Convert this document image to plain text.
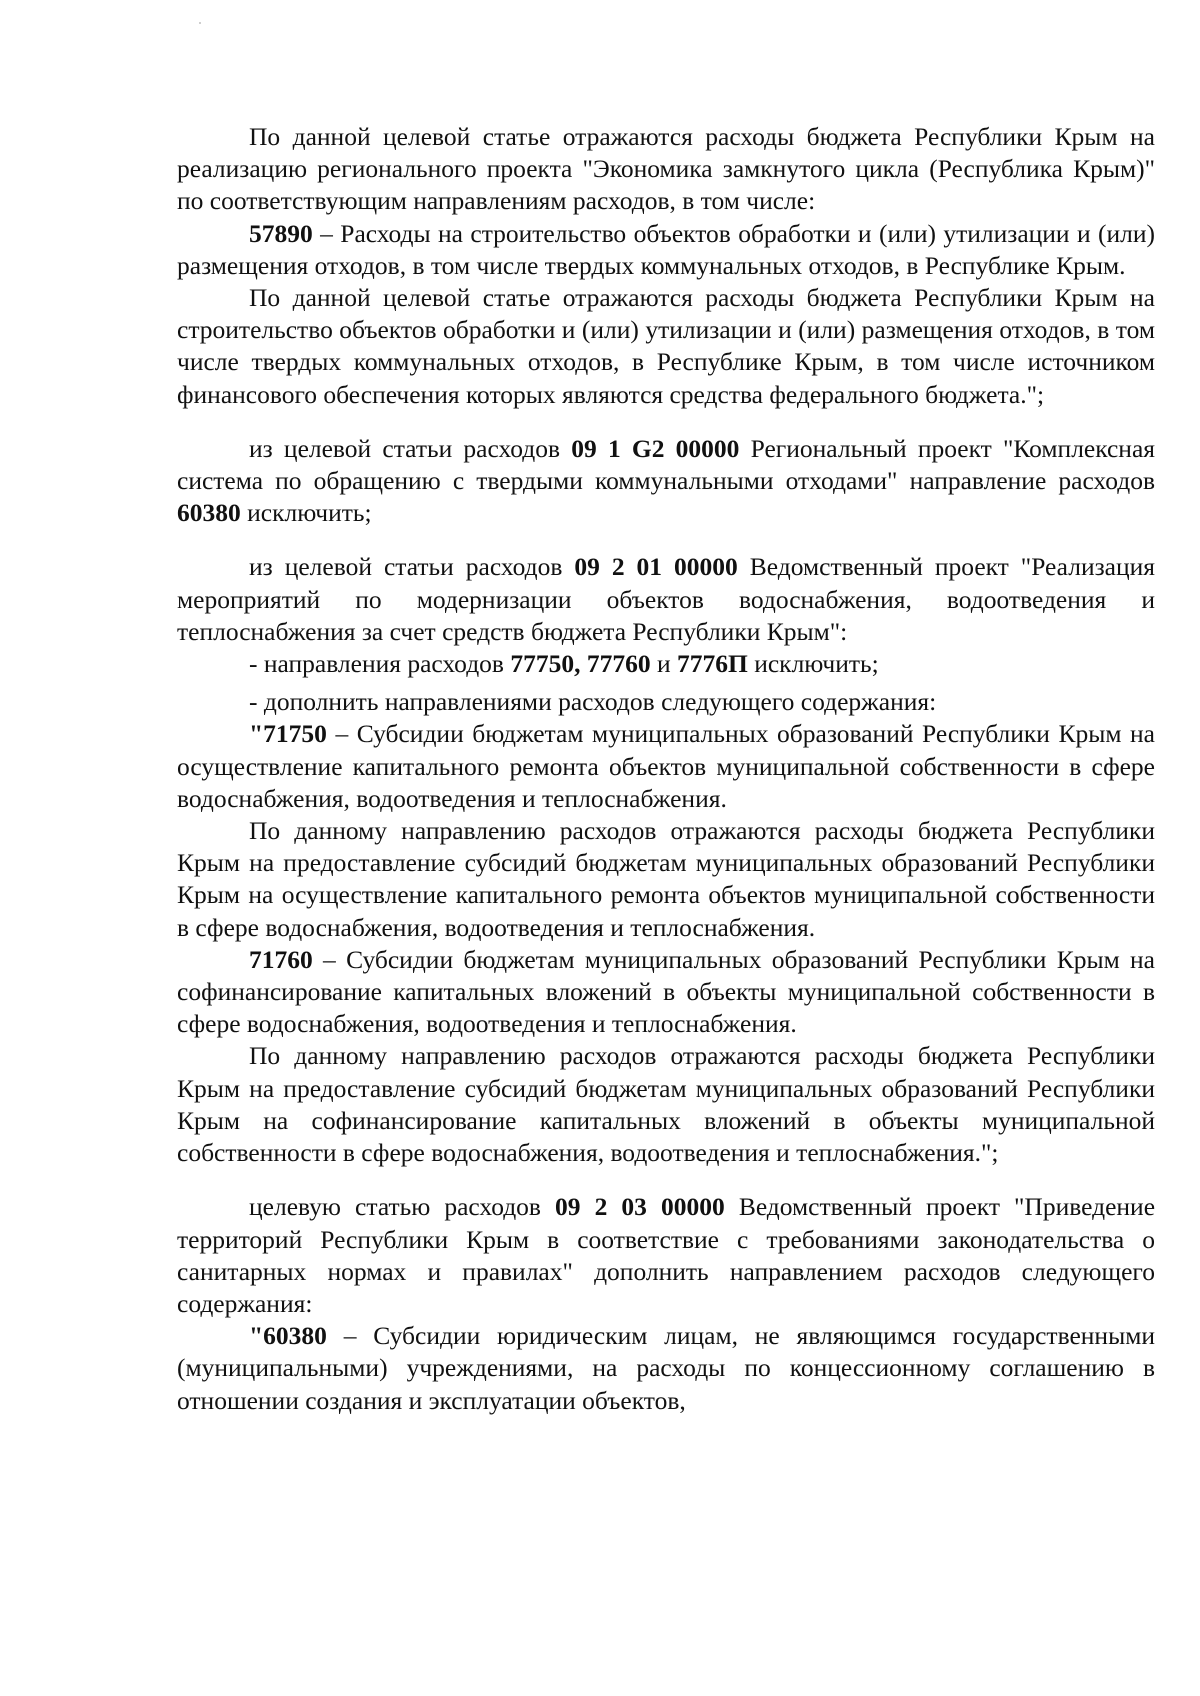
По данной целевой статье отражаются расходы бюджета Республики Крым на реализацию регионального проекта "Экономика замкнутого цикла (Республика Крым)" по соответствующим направлениям расходов, в том числе:

57890 – Расходы на строительство объектов обработки и (или) утилизации и (или) размещения отходов, в том числе твердых коммунальных отходов, в Республике Крым.

По данной целевой статье отражаются расходы бюджета Республики Крым на строительство объектов обработки и (или) утилизации и (или) размещения отходов, в том числе твердых коммунальных отходов, в Республике Крым, в том числе источником финансового обеспечения которых являются средства федерального бюджета.";

из целевой статьи расходов 09 1 G2 00000 Региональный проект "Комплексная система по обращению с твердыми коммунальными отходами" направление расходов 60380 исключить;

из целевой статьи расходов 09 2 01 00000 Ведомственный проект "Реализация мероприятий по модернизации объектов водоснабжения, водоотведения и теплоснабжения за счет средств бюджета Республики Крым":

- направления расходов 77750, 77760 и 7776П исключить;

- дополнить направлениями расходов следующего содержания:

"71750 – Субсидии бюджетам муниципальных образований Республики Крым на осуществление капитального ремонта объектов муниципальной собственности в сфере водоснабжения, водоотведения и теплоснабжения.

По данному направлению расходов отражаются расходы бюджета Республики Крым на предоставление субсидий бюджетам муниципальных образований Республики Крым на осуществление капитального ремонта объектов муниципальной собственности в сфере водоснабжения, водоотведения и теплоснабжения.

71760 – Субсидии бюджетам муниципальных образований Республики Крым на софинансирование капитальных вложений в объекты муниципальной собственности в сфере водоснабжения, водоотведения и теплоснабжения.

По данному направлению расходов отражаются расходы бюджета Республики Крым на предоставление субсидий бюджетам муниципальных образований Республики Крым на софинансирование капитальных вложений в объекты муниципальной собственности в сфере водоснабжения, водоотведения и теплоснабжения.";

целевую статью расходов 09 2 03 00000 Ведомственный проект "Приведение территорий Республики Крым в соответствие с требованиями законодательства о санитарных нормах и правилах" дополнить направлением расходов следующего содержания:

"60380 – Субсидии юридическим лицам, не являющимся государственными (муниципальными) учреждениями, на расходы по концессионному соглашению в отношении создания и эксплуатации объектов,
